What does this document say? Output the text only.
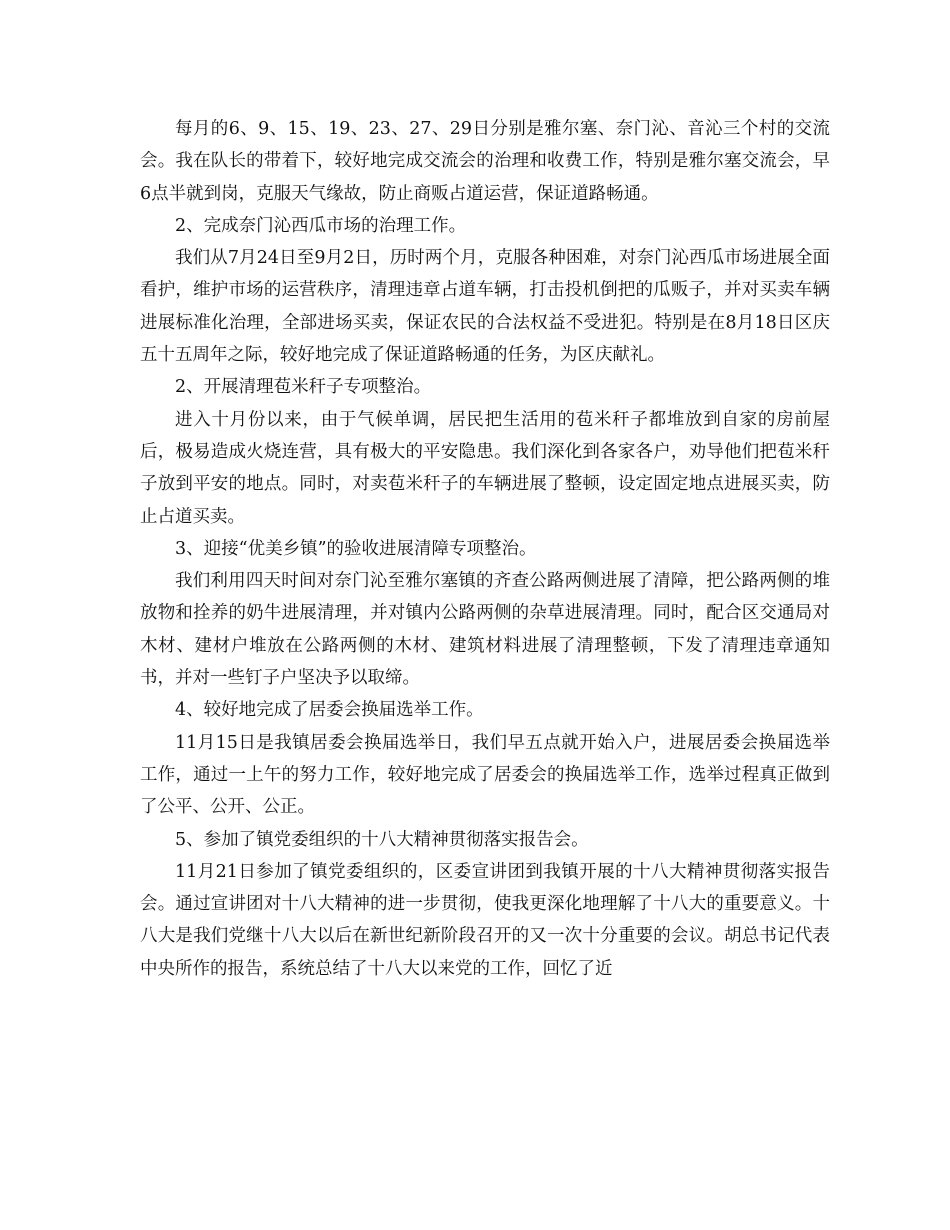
每月的6、9、15、19、23、27、29日分别是雅尔塞、奈门沁、音沁三个村的交流会。我在队长的带着下，较好地完成交流会的治理和收费工作，特别是雅尔塞交流会，早6点半就到岗，克服天气缘故，防止商贩占道运营，保证道路畅通。

2、完成奈门沁西瓜市场的治理工作。

我们从7月24日至9月2日，历时两个月，克服各种困难，对奈门沁西瓜市场进展全面看护，维护市场的运营秩序，清理违章占道车辆，打击投机倒把的瓜贩子，并对买卖车辆进展标准化治理，全部进场买卖，保证农民的合法权益不受进犯。特别是在8月18日区庆五十五周年之际，较好地完成了保证道路畅通的任务，为区庆献礼。

2、开展清理苞米秆子专项整治。

进入十月份以来，由于气候单调，居民把生活用的苞米秆子都堆放到自家的房前屋后，极易造成火烧连营，具有极大的平安隐患。我们深化到各家各户，劝导他们把苞米秆子放到平安的地点。同时，对卖苞米秆子的车辆进展了整顿，设定固定地点进展买卖，防止占道买卖。

3、迎接“优美乡镇”的验收进展清障专项整治。

我们利用四天时间对奈门沁至雅尔塞镇的齐查公路两侧进展了清障，把公路两侧的堆放物和拴养的奶牛进展清理，并对镇内公路两侧的杂草进展清理。同时，配合区交通局对木材、建材户堆放在公路两侧的木材、建筑材料进展了清理整顿，下发了清理违章通知书，并对一些钉子户坚决予以取缔。

4、较好地完成了居委会换届选举工作。

11月15日是我镇居委会换届选举日，我们早五点就开始入户，进展居委会换届选举工作，通过一上午的努力工作，较好地完成了居委会的换届选举工作，选举过程真正做到了公平、公开、公正。

5、参加了镇党委组织的十八大精神贯彻落实报告会。

11月21日参加了镇党委组织的，区委宣讲团到我镇开展的十八大精神贯彻落实报告会。通过宣讲团对十八大精神的进一步贯彻，使我更深化地理解了十八大的重要意义。十八大是我们党继十八大以后在新世纪新阶段召开的又一次十分重要的会议。胡总书记代表中央所作的报告，系统总结了十八大以来党的工作，回忆了近
